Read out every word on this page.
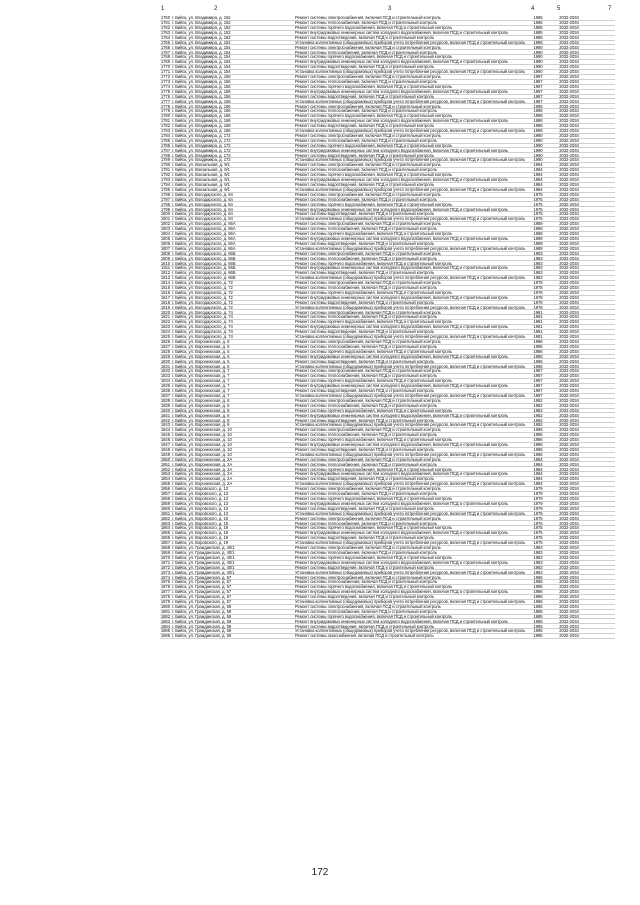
1	2	3	4	5	7
1760 г. Бийск, ул. Владимира, д. 152	Ремонт системы электроснабжения, включая ПСД и строительный контроль	1985	2032-2034
1761 г. Бийск, ул. Владимира, д. 152	Ремонт системы теплоснабжения, включая ПСД и строительный контроль	1985	2032-2034
1762 г. Бийск, ул. Владимира, д. 152	Ремонт системы горячего водоснабжения, включая ПСД и строительный контроль	1985	2032-2034
1763 г. Бийск, ул. Владимира, д. 152	Ремонт внутридомовых инженерных систем холодного водоснабжения, включая ПСД и строительный контроль	1985	2032-2034
1764 г. Бийск, ул. Владимира, д. 152	Ремонт системы водоотведения, включая ПСД и строительный контроль	1985	2032-2034
1765 г. Бийск, ул. Владимира, д. 152	Установка коллективных (общедомовых) приборов учета потребления ресурсов, включая ПСД и строительный контроль	1985	2032-2034
1766 г. Бийск, ул. Владимира, д. 154	Ремонт системы электроснабжения, включая ПСД и строительный контроль	1990	2032-2034
1767 г. Бийск, ул. Владимира, д. 154	Ремонт системы теплоснабжения, включая ПСД и строительный контроль	1990	2032-2034
1768 г. Бийск, ул. Владимира, д. 154	Ремонт системы горячего водоснабжения, включая ПСД и строительный контроль	1990	2032-2034
1769 г. Бийск, ул. Владимира, д. 154	Ремонт внутридомовых инженерных систем холодного водоснабжения, включая ПСД и строительный контроль	1990	2032-2034
1770 г. Бийск, ул. Владимира, д. 154	Ремонт системы водоотведения, включая ПСД и строительный контроль	1990	2032-2034
1771 г. Бийск, ул. Владимира, д. 154	Установка коллективных (общедомовых) приборов учета потребления ресурсов, включая ПСД и строительный контроль	1990	2032-2034
1772 г. Бийск, ул. Владимира, д. 156	Ремонт системы электроснабжения, включая ПСД и строительный контроль	1987	2032-2034
1773 г. Бийск, ул. Владимира, д. 156	Ремонт системы теплоснабжения, включая ПСД и строительный контроль	1987	2032-2034
1774 г. Бийск, ул. Владимира, д. 156	Ремонт системы горячего водоснабжения, включая ПСД и строительный контроль	1987	2032-2034
1775 г. Бийск, ул. Владимира, д. 156	Ремонт внутридомовых инженерных систем холодного водоснабжения, включая ПСД и строительный контроль	1987	2032-2034
1776 г. Бийск, ул. Владимира, д. 156	Ремонт системы водоотведения, включая ПСД и строительный контроль	1987	2032-2034
1777 г. Бийск, ул. Владимира, д. 156	Установка коллективных (общедомовых) приборов учета потребления ресурсов, включая ПСД и строительный контроль	1987	2032-2034
1778 г. Бийск, ул. Владимира, д. 166	Ремонт системы электроснабжения, включая ПСД и строительный контроль	1986	2032-2034
1779 г. Бийск, ул. Владимира, д. 166	Ремонт системы теплоснабжения, включая ПСД и строительный контроль	1986	2032-2034
1780 г. Бийск, ул. Владимира, д. 166	Ремонт системы горячего водоснабжения, включая ПСД и строительный контроль	1986	2032-2034
1781 г. Бийск, ул. Владимира, д. 166	Ремонт внутридомовых инженерных систем холодного водоснабжения, включая ПСД и строительный контроль	1986	2032-2034
1782 г. Бийск, ул. Владимира, д. 166	Ремонт системы водоотведения, включая ПСД и строительный контроль	1986	2032-2034
1783 г. Бийск, ул. Владимира, д. 166	Установка коллективных (общедомовых) приборов учета потребления ресурсов, включая ПСД и строительный контроль	1986	2032-2034
1784 г. Бийск, ул. Владимира, д. 172	Ремонт системы электроснабжения, включая ПСД и строительный контроль	1990	2032-2034
1785 г. Бийск, ул. Владимира, д. 172	Ремонт системы теплоснабжения, включая ПСД и строительный контроль	1990	2032-2034
1786 г. Бийск, ул. Владимира, д. 172	Ремонт системы горячего водоснабжения, включая ПСД и строительный контроль	1990	2032-2034
1787 г. Бийск, ул. Владимира, д. 172	Ремонт внутридомовых инженерных систем холодного водоснабжения, включая ПСД и строительный контроль	1990	2032-2034
1788 г. Бийск, ул. Владимира, д. 172	Ремонт системы водоотведения, включая ПСД и строительный контроль	1990	2032-2034
1789 г. Бийск, ул. Владимира, д. 172	Установка коллективных (общедомовых) приборов учета потребления ресурсов, включая ПСД и строительный контроль	1990	2032-2034
1790 г. Бийск, ул. Вокзальная, д. 9/1	Ремонт системы электроснабжения, включая ПСД и строительный контроль	1984	2032-2034
1791 г. Бийск, ул. Вокзальная, д. 9/1	Ремонт системы теплоснабжения, включая ПСД и строительный контроль	1984	2032-2034
1792 г. Бийск, ул. Вокзальная, д. 9/1	Ремонт системы горячего водоснабжения, включая ПСД и строительный контроль	1984	2032-2034
1793 г. Бийск, ул. Вокзальная, д. 9/1	Ремонт внутридомовых инженерных систем холодного водоснабжения, включая ПСД и строительный контроль	1984	2032-2034
1794 г. Бийск, ул. Вокзальная, д. 9/1	Ремонт системы водоотведения, включая ПСД и строительный контроль	1984	2032-2034
1795 г. Бийск, ул. Вокзальная, д. 9/1	Установка коллективных (общедомовых) приборов учета потребления ресурсов, включая ПСД и строительный контроль	1984	2032-2034
1796 г. Бийск, ул. Володарского, д. 64	Ремонт системы электроснабжения, включая ПСД и строительный контроль	1975	2032-2034
1797 г. Бийск, ул. Володарского, д. 64	Ремонт системы теплоснабжения, включая ПСД и строительный контроль	1975	2032-2034
1798 г. Бийск, ул. Володарского, д. 64	Ремонт системы горячего водоснабжения, включая ПСД и строительный контроль	1975	2032-2034
1799 г. Бийск, ул. Володарского, д. 64	Ремонт внутридомовых инженерных систем холодного водоснабжения, включая ПСД и строительный контроль	1975	2032-2034
1800 г. Бийск, ул. Володарского, д. 64	Ремонт системы водоотведения, включая ПСД и строительный контроль	1975	2032-2034
1801 г. Бийск, ул. Володарского, д. 64	Установка коллективных (общедомовых) приборов учета потребления ресурсов, включая ПСД и строительный контроль	1975	2032-2034
1802 г. Бийск, ул. Володарского, д. 66А	Ремонт системы электроснабжения, включая ПСД и строительный контроль	1989	2032-2034
1803 г. Бийск, ул. Володарского, д. 66А	Ремонт системы теплоснабжения, включая ПСД и строительный контроль	1989	2032-2034
1804 г. Бийск, ул. Володарского, д. 66А	Ремонт системы горячего водоснабжения, включая ПСД и строительный контроль	1989	2032-2034
1805 г. Бийск, ул. Володарского, д. 66А	Ремонт внутридомовых инженерных систем холодного водоснабжения, включая ПСД и строительный контроль	1989	2032-2034
1806 г. Бийск, ул. Володарского, д. 66А	Ремонт системы водоотведения, включая ПСД и строительный контроль	1989	2032-2034
1807 г. Бийск, ул. Володарского, д. 66А	Установка коллективных (общедомовых) приборов учета потребления ресурсов, включая ПСД и строительный контроль	1989	2032-2034
1808 г. Бийск, ул. Володарского, д. 66Б	Ремонт системы электроснабжения, включая ПСД и строительный контроль	1983	2032-2034
1809 г. Бийск, ул. Володарского, д. 66Б	Ремонт системы теплоснабжения, включая ПСД и строительный контроль	1983	2032-2034
1810 г. Бийск, ул. Володарского, д. 66Б	Ремонт системы горячего водоснабжения, включая ПСД и строительный контроль	1983	2032-2034
1811 г. Бийск, ул. Володарского, д. 66Б	Ремонт внутридомовых инженерных систем холодного водоснабжения, включая ПСД и строительный контроль	1983	2032-2034
1812 г. Бийск, ул. Володарского, д. 66Б	Ремонт системы водоотведения, включая ПСД и строительный контроль	1983	2032-2034
1813 г. Бийск, ул. Володарского, д. 66Б	Установка коллективных (общедомовых) приборов учета потребления ресурсов, включая ПСД и строительный контроль	1983	2032-2034
1814 г. Бийск, ул. Володарского, д. 72	Ремонт системы электроснабжения, включая ПСД и строительный контроль	1978	2032-2034
1815 г. Бийск, ул. Володарского, д. 72	Ремонт системы теплоснабжения, включая ПСД и строительный контроль	1978	2032-2034
1816 г. Бийск, ул. Володарского, д. 72	Ремонт системы горячего водоснабжения, включая ПСД и строительный контроль	1978	2032-2034
1817 г. Бийск, ул. Володарского, д. 72	Ремонт внутридомовых инженерных систем холодного водоснабжения, включая ПСД и строительный контроль	1978	2032-2034
1818 г. Бийск, ул. Володарского, д. 72	Ремонт системы водоотведения, включая ПСД и строительный контроль	1978	2032-2034
1819 г. Бийск, ул. Володарского, д. 72	Установка коллективных (общедомовых) приборов учета потребления ресурсов, включая ПСД и строительный контроль	1978	2032-2034
1820 г. Бийск, ул. Володарского, д. 74	Ремонт системы электроснабжения, включая ПСД и строительный контроль	1981	2032-2034
1821 г. Бийск, ул. Володарского, д. 74	Ремонт системы теплоснабжения, включая ПСД и строительный контроль	1981	2032-2034
1822 г. Бийск, ул. Володарского, д. 74	Ремонт системы горячего водоснабжения, включая ПСД и строительный контроль	1981	2032-2034
1823 г. Бийск, ул. Володарского, д. 74	Ремонт внутридомовых инженерных систем холодного водоснабжения, включая ПСД и строительный контроль	1981	2032-2034
1824 г. Бийск, ул. Володарского, д. 74	Ремонт системы водоотведения, включая ПСД и строительный контроль	1981	2032-2034
1825 г. Бийск, ул. Володарского, д. 74	Установка коллективных (общедомовых) приборов учета потребления ресурсов, включая ПСД и строительный контроль	1981	2032-2034
1826 г. Бийск, ул. Воронежская, д. 5	Ремонт системы электроснабжения, включая ПСД и строительный контроль	1986	2032-2034
1827 г. Бийск, ул. Воронежская, д. 5	Ремонт системы теплоснабжения, включая ПСД и строительный контроль	1986	2032-2034
1828 г. Бийск, ул. Воронежская, д. 5	Ремонт системы горячего водоснабжения, включая ПСД и строительный контроль	1986	2032-2034
1829 г. Бийск, ул. Воронежская, д. 5	Ремонт внутридомовых инженерных систем холодного водоснабжения, включая ПСД и строительный контроль	1986	2032-2034
1830 г. Бийск, ул. Воронежская, д. 5	Ремонт системы водоотведения, включая ПСД и строительный контроль	1986	2032-2034
1831 г. Бийск, ул. Воронежская, д. 5	Установка коллективных (общедомовых) приборов учета потребления ресурсов, включая ПСД и строительный контроль	1986	2032-2034
1832 г. Бийск, ул. Воронежская, д. 7	Ремонт системы электроснабжения, включая ПСД и строительный контроль	1987	2032-2034
1833 г. Бийск, ул. Воронежская, д. 7	Ремонт системы теплоснабжения, включая ПСД и строительный контроль	1987	2032-2034
1834 г. Бийск, ул. Воронежская, д. 7	Ремонт системы горячего водоснабжения, включая ПСД и строительный контроль	1987	2032-2034
1835 г. Бийск, ул. Воронежская, д. 7	Ремонт внутридомовых инженерных систем холодного водоснабжения, включая ПСД и строительный контроль	1987	2032-2034
1836 г. Бийск, ул. Воронежская, д. 7	Ремонт системы водоотведения, включая ПСД и строительный контроль	1987	2032-2034
1837 г. Бийск, ул. Воронежская, д. 7	Установка коллективных (общедомовых) приборов учета потребления ресурсов, включая ПСД и строительный контроль	1987	2032-2034
1838 г. Бийск, ул. Воронежская, д. 8	Ремонт системы электроснабжения, включая ПСД и строительный контроль	1982	2032-2034
1839 г. Бийск, ул. Воронежская, д. 8	Ремонт системы теплоснабжения, включая ПСД и строительный контроль	1982	2032-2034
1840 г. Бийск, ул. Воронежская, д. 8	Ремонт системы горячего водоснабжения, включая ПСД и строительный контроль	1982	2032-2034
1841 г. Бийск, ул. Воронежская, д. 8	Ремонт внутридомовых инженерных систем холодного водоснабжения, включая ПСД и строительный контроль	1982	2032-2034
1842 г. Бийск, ул. Воронежская, д. 8	Ремонт системы водоотведения, включая ПСД и строительный контроль	1982	2032-2034
1843 г. Бийск, ул. Воронежская, д. 8	Установка коллективных (общедомовых) приборов учета потребления ресурсов, включая ПСД и строительный контроль	1982	2032-2034
1844 г. Бийск, ул. Воронежская, д. 10	Ремонт системы электроснабжения, включая ПСД и строительный контроль	1986	2032-2034
1845 г. Бийск, ул. Воронежская, д. 10	Ремонт системы теплоснабжения, включая ПСД и строительный контроль	1986	2032-2034
1846 г. Бийск, ул. Воронежская, д. 10	Ремонт системы горячего водоснабжения, включая ПСД и строительный контроль	1986	2032-2034
1847 г. Бийск, ул. Воронежская, д. 10	Ремонт внутридомовых инженерных систем холодного водоснабжения, включая ПСД и строительный контроль	1986	2032-2034
1848 г. Бийск, ул. Воронежская, д. 10	Ремонт системы водоотведения, включая ПСД и строительный контроль	1986	2032-2034
1849 г. Бийск, ул. Воронежская, д. 10	Установка коллективных (общедомовых) приборов учета потребления ресурсов, включая ПСД и строительный контроль	1986	2032-2034
1850 г. Бийск, ул. Воронежская, д. 2А	Ремонт системы электроснабжения, включая ПСД и строительный контроль	1984	2032-2034
1851 г. Бийск, ул. Воронежская, д. 2А	Ремонт системы теплоснабжения, включая ПСД и строительный контроль	1984	2032-2034
1852 г. Бийск, ул. Воронежская, д. 2А	Ремонт системы горячего водоснабжения, включая ПСД и строительный контроль	1984	2032-2034
1853 г. Бийск, ул. Воронежская, д. 2А	Ремонт внутридомовых инженерных систем холодного водоснабжения, включая ПСД и строительный контроль	1984	2032-2034
1854 г. Бийск, ул. Воронежская, д. 2А	Ремонт системы водоотведения, включая ПСД и строительный контроль	1984	2032-2034
1855 г. Бийск, ул. Воронежская, д. 2А	Установка коллективных (общедомовых) приборов учета потребления ресурсов, включая ПСД и строительный контроль	1984	2032-2034
1856 г. Бийск, ул. Воровского, д. 13	Ремонт системы электроснабжения, включая ПСД и строительный контроль	1979	2032-2034
1857 г. Бийск, ул. Воровского, д. 13	Ремонт системы теплоснабжения, включая ПСД и строительный контроль	1979	2032-2034
1858 г. Бийск, ул. Воровского, д. 13	Ремонт системы горячего водоснабжения, включая ПСД и строительный контроль	1979	2032-2034
1859 г. Бийск, ул. Воровского, д. 13	Ремонт внутридомовых инженерных систем холодного водоснабжения, включая ПСД и строительный контроль	1979	2032-2034
1860 г. Бийск, ул. Воровского, д. 13	Ремонт системы водоотведения, включая ПСД и строительный контроль	1979	2032-2034
1861 г. Бийск, ул. Воровского, д. 13	Установка коллективных (общедомовых) приборов учета потребления ресурсов, включая ПСД и строительный контроль	1979	2032-2034
1862 г. Бийск, ул. Воровского, д. 19	Ремонт системы электроснабжения, включая ПСД и строительный контроль	1975	2032-2034
1863 г. Бийск, ул. Воровского, д. 19	Ремонт системы теплоснабжения, включая ПСД и строительный контроль	1975	2032-2034
1864 г. Бийск, ул. Воровского, д. 19	Ремонт системы горячего водоснабжения, включая ПСД и строительный контроль	1975	2032-2034
1865 г. Бийск, ул. Воровского, д. 19	Ремонт внутридомовых инженерных систем холодного водоснабжения, включая ПСД и строительный контроль	1975	2032-2034
1866 г. Бийск, ул. Воровского, д. 19	Ремонт системы водоотведения, включая ПСД и строительный контроль	1975	2032-2034
1867 г. Бийск, ул. Воровского, д. 19	Установка коллективных (общедомовых) приборов учета потребления ресурсов, включая ПСД и строительный контроль	1975	2032-2034
1868 г. Бийск, ул. Гражданская, д. 40/1	Ремонт системы электроснабжения, включая ПСД и строительный контроль	1983	2032-2034
1869 г. Бийск, ул. Гражданская, д. 40/1	Ремонт системы теплоснабжения, включая ПСД и строительный контроль	1983	2032-2034
1870 г. Бийск, ул. Гражданская, д. 40/1	Ремонт системы горячего водоснабжения, включая ПСД и строительный контроль	1983	2032-2034
1871 г. Бийск, ул. Гражданская, д. 40/1	Ремонт внутридомовых инженерных систем холодного водоснабжения, включая ПСД и строительный контроль	1983	2032-2034
1872 г. Бийск, ул. Гражданская, д. 40/1	Ремонт системы водоотведения, включая ПСД и строительный контроль	1983	2032-2034
1873 г. Бийск, ул. Гражданская, д. 40/1	Установка коллективных (общедомовых) приборов учета потребления ресурсов, включая ПСД и строительный контроль	1983	2032-2034
1874 г. Бийск, ул. Гражданская, д. 57	Ремонт системы электроснабжения, включая ПСД и строительный контроль	1986	2032-2034
1875 г. Бийск, ул. Гражданская, д. 57	Ремонт системы теплоснабжения, включая ПСД и строительный контроль	1986	2032-2034
1876 г. Бийск, ул. Гражданская, д. 57	Ремонт системы горячего водоснабжения, включая ПСД и строительный контроль	1986	2032-2034
1877 г. Бийск, ул. Гражданская, д. 57	Ремонт внутридомовых инженерных систем холодного водоснабжения, включая ПСД и строительный контроль	1986	2032-2034
1878 г. Бийск, ул. Гражданская, д. 57	Ремонт системы водоотведения, включая ПСД и строительный контроль	1986	2032-2034
1879 г. Бийск, ул. Гражданская, д. 57	Установка коллективных (общедомовых) приборов учета потребления ресурсов, включая ПСД и строительный контроль	1986	2032-2034
1880 г. Бийск, ул. Гражданская, д. 59	Ремонт системы электроснабжения, включая ПСД и строительный контроль	1985	2032-2034
1881 г. Бийск, ул. Гражданская, д. 59	Ремонт системы теплоснабжения, включая ПСД и строительный контроль	1985	2032-2034
1882 г. Бийск, ул. Гражданская, д. 59	Ремонт системы горячего водоснабжения, включая ПСД и строительный контроль	1985	2032-2034
1883 г. Бийск, ул. Гражданская, д. 59	Ремонт внутридомовых инженерных систем холодного водоснабжения, включая ПСД и строительный контроль	1985	2032-2034
1884 г. Бийск, ул. Гражданская, д. 59	Ремонт системы водоотведения, включая ПСД и строительный контроль	1985	2032-2034
1885 г. Бийск, ул. Гражданская, д. 59	Установка коллективных (общедомовых) приборов учета потребления ресурсов, включая ПСД и строительный контроль	1985	2032-2034
1886 г. Бийск, ул. Гражданская, д. 59	Ремонт системы газоснабжения, включая ПСД и строительный контроль	1985	2032-2034
172
